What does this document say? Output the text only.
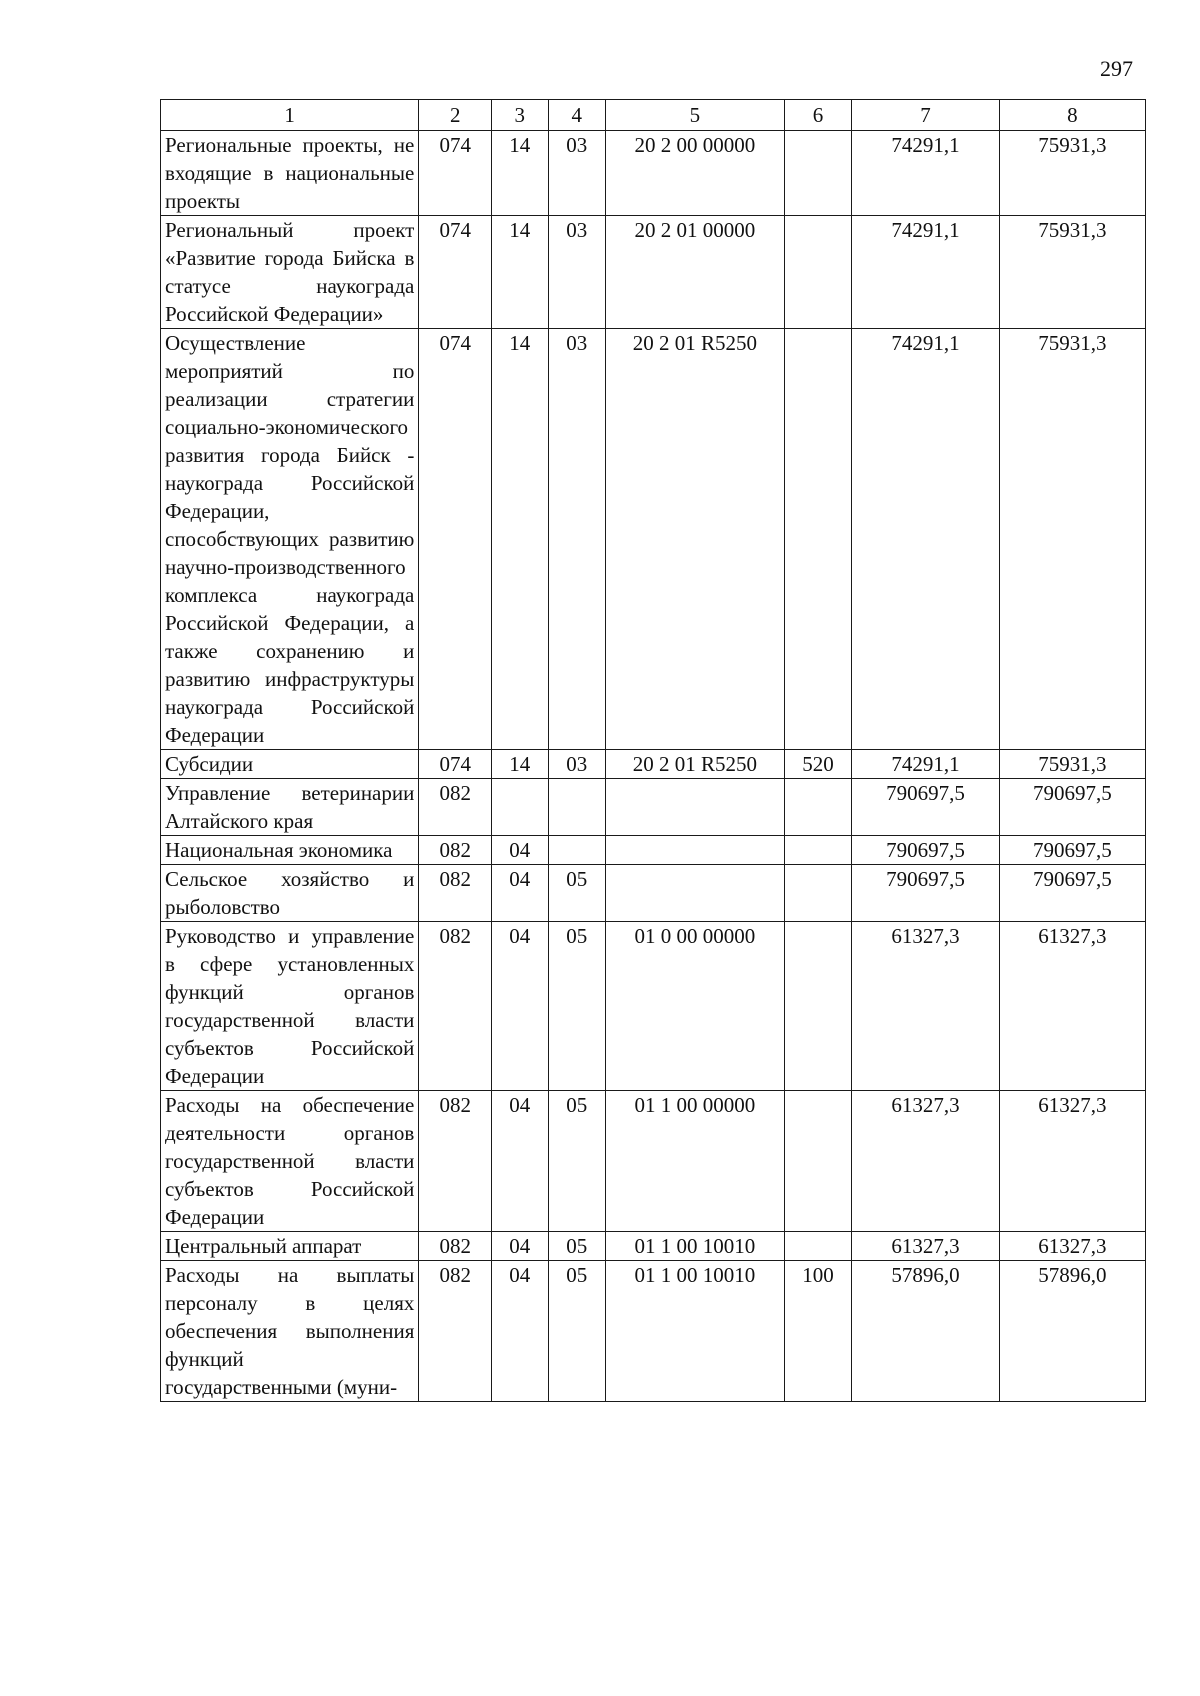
297
1	2	3	4	5	6	7	8
Региональные проекты, не входящие в национальные проекты	074	14	03	20 2 00 00000		74291,1	75931,3
Региональный проект «Развитие города Бийска в статусе наукограда Российской Федерации»	074	14	03	20 2 01 00000		74291,1	75931,3
Осуществление мероприятий по реализации стратегии социально-экономического развития города Бийск - наукограда Российской Федерации, способствующих развитию научно-производственного комплекса наукограда Российской Федерации, а также сохранению и развитию инфраструктуры наукограда Российской Федерации	074	14	03	20 2 01 R5250		74291,1	75931,3
Субсидии	074	14	03	20 2 01 R5250	520	74291,1	75931,3
Управление ветеринарии Алтайского края	082					790697,5	790697,5
Национальная экономика	082	04				790697,5	790697,5
Сельское хозяйство и рыболовство	082	04	05			790697,5	790697,5
Руководство и управление в сфере установленных функций органов государственной власти субъектов Российской Федерации	082	04	05	01 0 00 00000		61327,3	61327,3
Расходы на обеспечение деятельности органов государственной власти субъектов Российской Федерации	082	04	05	01 1 00 00000		61327,3	61327,3
Центральный аппарат	082	04	05	01 1 00 10010		61327,3	61327,3
Расходы на выплаты персоналу в целях обеспечения выполнения функций государственными (муни-	082	04	05	01 1 00 10010	100	57896,0	57896,0
